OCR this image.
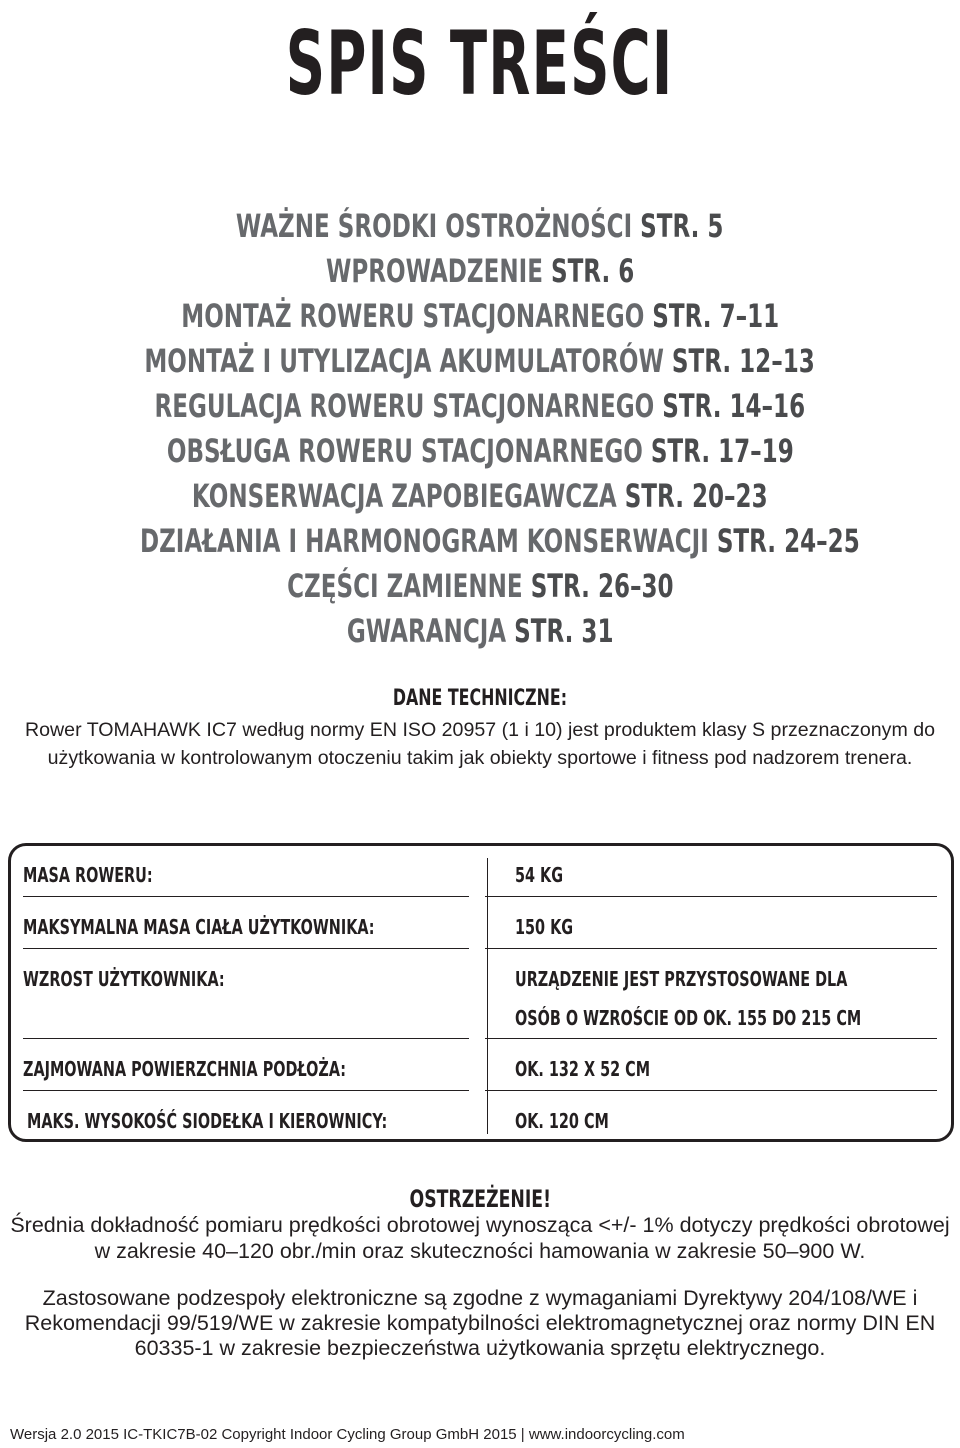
SPIS TREŚCI
WAŻNE ŚRODKI OSTROŻNOŚCI STR. 5
WPROWADZENIE STR. 6
MONTAŻ ROWERU STACJONARNEGO STR. 7–11
MONTAŻ I UTYLIZACJA AKUMULATORÓW STR. 12–13
REGULACJA ROWERU STACJONARNEGO STR. 14–16
OBSŁUGA ROWERU STACJONARNEGO STR. 17–19
KONSERWACJA ZAPOBIEGAWCZA STR. 20–23
DZIAŁANIA I HARMONOGRAM KONSERWACJI STR. 24–25
CZĘŚCI ZAMIENNE STR. 26–30
GWARANCJA STR. 31
DANE TECHNICZNE:

Rower TOMAHAWK IC7 według normy EN ISO 20957 (1 i 10) jest produktem klasy S przeznaczonym do użytkowania w kontrolowanym otoczeniu takim jak obiekty sportowe i fitness pod nadzorem trenera.

MASA ROWERU:	54 KG
MAKSYMALNA MASA CIAŁA UŻYTKOWNIKA:	150 KG
WZROST UŻYTKOWNIKA:	URZĄDZENIE JEST PRZYSTOSOWANE DLA
OSÓB O WZROŚCIE OD OK. 155 DO 215 CM
ZAJMOWANA POWIERZCHNIA PODŁOŻA:	OK. 132 X 52 CM
MAKS. WYSOKOŚĆ SIODEŁKA I KIEROWNICY:	OK. 120 CM
OSTRZEŻENIE!

Średnia dokładność pomiaru prędkości obrotowej wynosząca <+/- 1% dotyczy prędkości obrotowej w zakresie 40–120 obr./min oraz skuteczności hamowania w zakresie 50–900 W.

Zastosowane podzespoły elektroniczne są zgodne z wymaganiami Dyrektywy 204/108/WE i Rekomendacji 99/519/WE w zakresie kompatybilności elektromagnetycznej oraz normy DIN EN 60335-1 w zakresie bezpieczeństwa użytkowania sprzętu elektrycznego.

Wersja 2.0 2015 IC-TKIC7B-02 Copyright Indoor Cycling Group GmbH 2015 | www.indoorcycling.com
